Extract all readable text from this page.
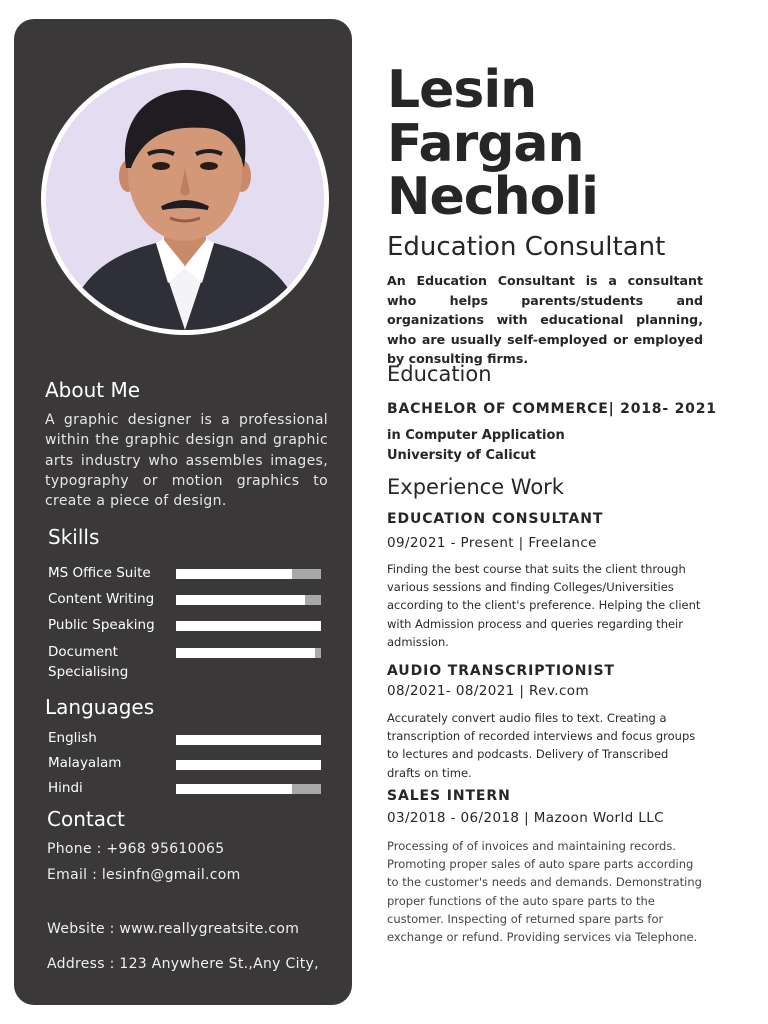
About Me

A graphic designer is a professional within the graphic design and graphic arts industry who assembles images, typography or motion graphics to create a piece of design.

Skills
MS Office Suite
Content Writing
Public Speaking
Document
Specialising
Languages
English
Malayalam
Hindi
Contact
Phone : +968 95610065
Email : lesinfn@gmail.com
Website : www.reallygreatsite.com
Address : 123 Anywhere St.,Any City,
Lesin
Fargan
Necholi
Education Consultant

An Education Consultant is a consultant who helps parents/students and organizations with educational planning, who are usually self-employed or employed by consulting firms.

Education
BACHELOR OF COMMERCE| 2018- 2021
in Computer Application
University of Calicut
Experience Work
EDUCATION CONSULTANT
09/2021 - Present | Freelance

Finding the best course that suits the client through various sessions and finding Colleges/Universities according to the client's preference. Helping the client with Admission process and queries regarding their admission.

AUDIO TRANSCRIPTIONIST
08/2021- 08/2021 | Rev.com

Accurately convert audio files to text. Creating a transcription of recorded interviews and focus groups to lectures and podcasts. Delivery of Transcribed drafts on time.

SALES INTERN
03/2018 - 06/2018 | Mazoon World LLC

Processing of of invoices and maintaining records. Promoting proper sales of auto spare parts according to the customer's needs and demands. Demonstrating proper functions of the auto spare parts to the customer. Inspecting of returned spare parts for exchange or refund. Providing services via Telephone.
